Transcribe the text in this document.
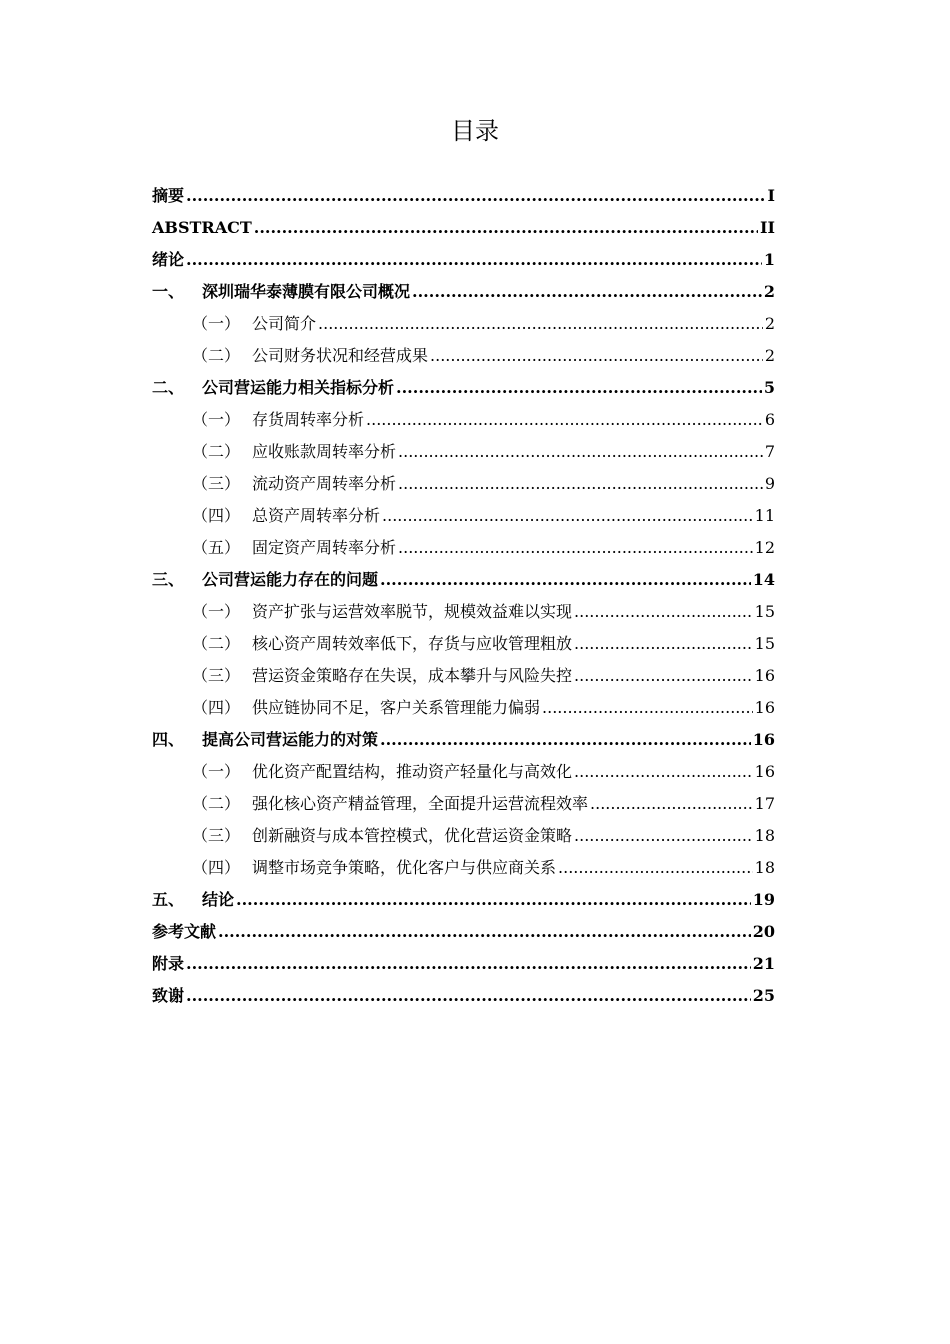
目录
摘要 .....	I
ABSTRACT .....	II
绪论 .....	1
一、 深圳瑞华泰薄膜有限公司概况 .....	2
（一） 公司简介 .....	2
（二） 公司财务状况和经营成果 .....	2
二、 公司营运能力相关指标分析 .....	5
（一） 存货周转率分析 .....	6
（二） 应收账款周转率分析 .....	7
（三） 流动资产周转率分析 .....	9
（四） 总资产周转率分析 .....	11
（五） 固定资产周转率分析 .....	12
三、 公司营运能力存在的问题 .....	14
（一） 资产扩张与运营效率脱节，规模效益难以实现 .....	15
（二） 核心资产周转效率低下，存货与应收管理粗放 .....	15
（三） 营运资金策略存在失误，成本攀升与风险失控 .....	16
（四） 供应链协同不足，客户关系管理能力偏弱 .....	16
四、 提高公司营运能力的对策 .....	16
（一） 优化资产配置结构，推动资产轻量化与高效化 .....	16
（二） 强化核心资产精益管理，全面提升运营流程效率 .....	17
（三） 创新融资与成本管控模式，优化营运资金策略 .....	18
（四） 调整市场竞争策略，优化客户与供应商关系 .....	18
五、 结论 .....	19
参考文献 .....	20
附录 .....	21
致谢 .....	25
